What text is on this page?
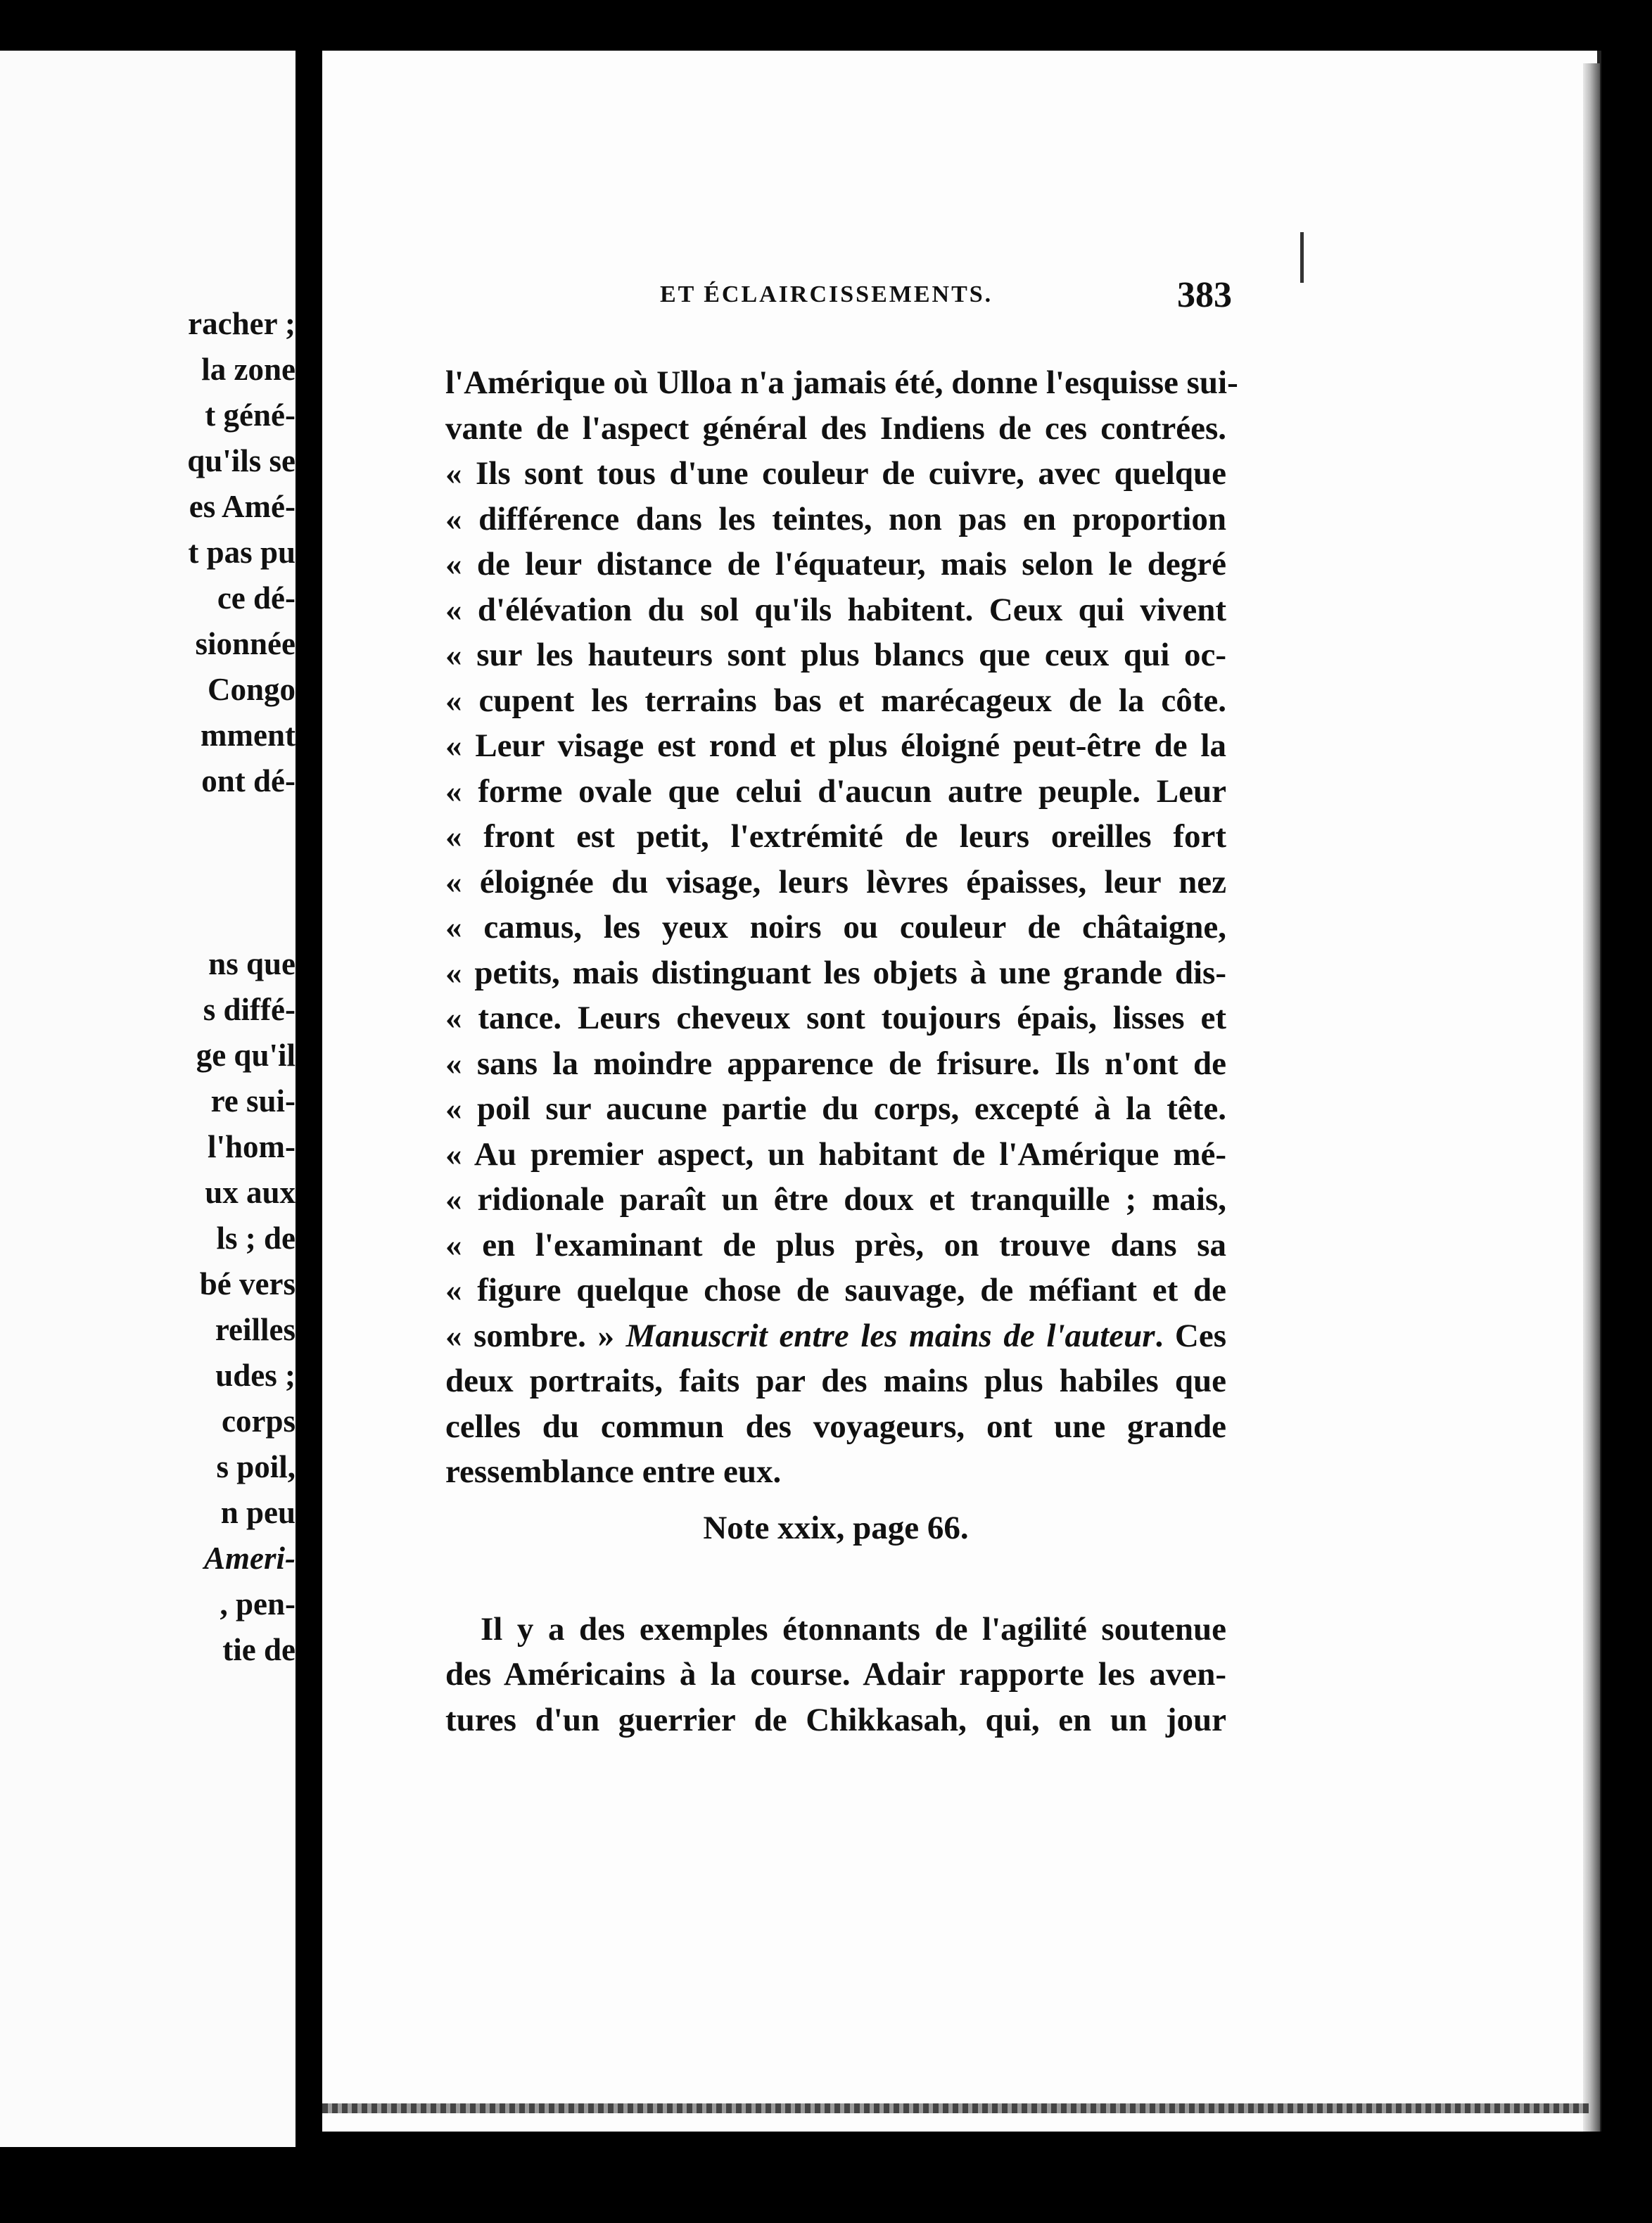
racher ;
la zone
t géné-
qu'ils se
es Amé-
t pas pu
ce dé-
sionnée
Congo
mment
ont dé-
ns que
s diffé-
ge qu'il
re sui-
l'hom-
ux aux
ls ; de
bé vers
reilles
udes ;
corps
s poil,
n peu
Ameri-
, pen-
tie de
ET ÉCLAIRCISSEMENTS.	383
l'Amérique où Ulloa n'a jamais été, donne l'esquisse sui-
vante de l'aspect général des Indiens de ces contrées.
« Ils sont tous d'une couleur de cuivre, avec quelque
« différence dans les teintes, non pas en proportion
« de leur distance de l'équateur, mais selon le degré
« d'élévation du sol qu'ils habitent. Ceux qui vivent
« sur les hauteurs sont plus blancs que ceux qui oc-
« cupent les terrains bas et marécageux de la côte.
« Leur visage est rond et plus éloigné peut-être de la
« forme ovale que celui d'aucun autre peuple. Leur
« front est petit, l'extrémité de leurs oreilles fort
« éloignée du visage, leurs lèvres épaisses, leur nez
« camus, les yeux noirs ou couleur de châtaigne,
« petits, mais distinguant les objets à une grande dis-
« tance. Leurs cheveux sont toujours épais, lisses et
« sans la moindre apparence de frisure. Ils n'ont de
« poil sur aucune partie du corps, excepté à la tête.
« Au premier aspect, un habitant de l'Amérique mé-
« ridionale paraît un être doux et tranquille ; mais,
« en l'examinant de plus près, on trouve dans sa
« figure quelque chose de sauvage, de méfiant et de
« sombre. » Manuscrit entre les mains de l'auteur. Ces
deux portraits, faits par des mains plus habiles que
celles du commun des voyageurs, ont une grande
ressemblance entre eux.
Note xxix, page 66.
Il y a des exemples étonnants de l'agilité soutenue
des Américains à la course. Adair rapporte les aven-
tures d'un guerrier de Chikkasah, qui, en un jour
